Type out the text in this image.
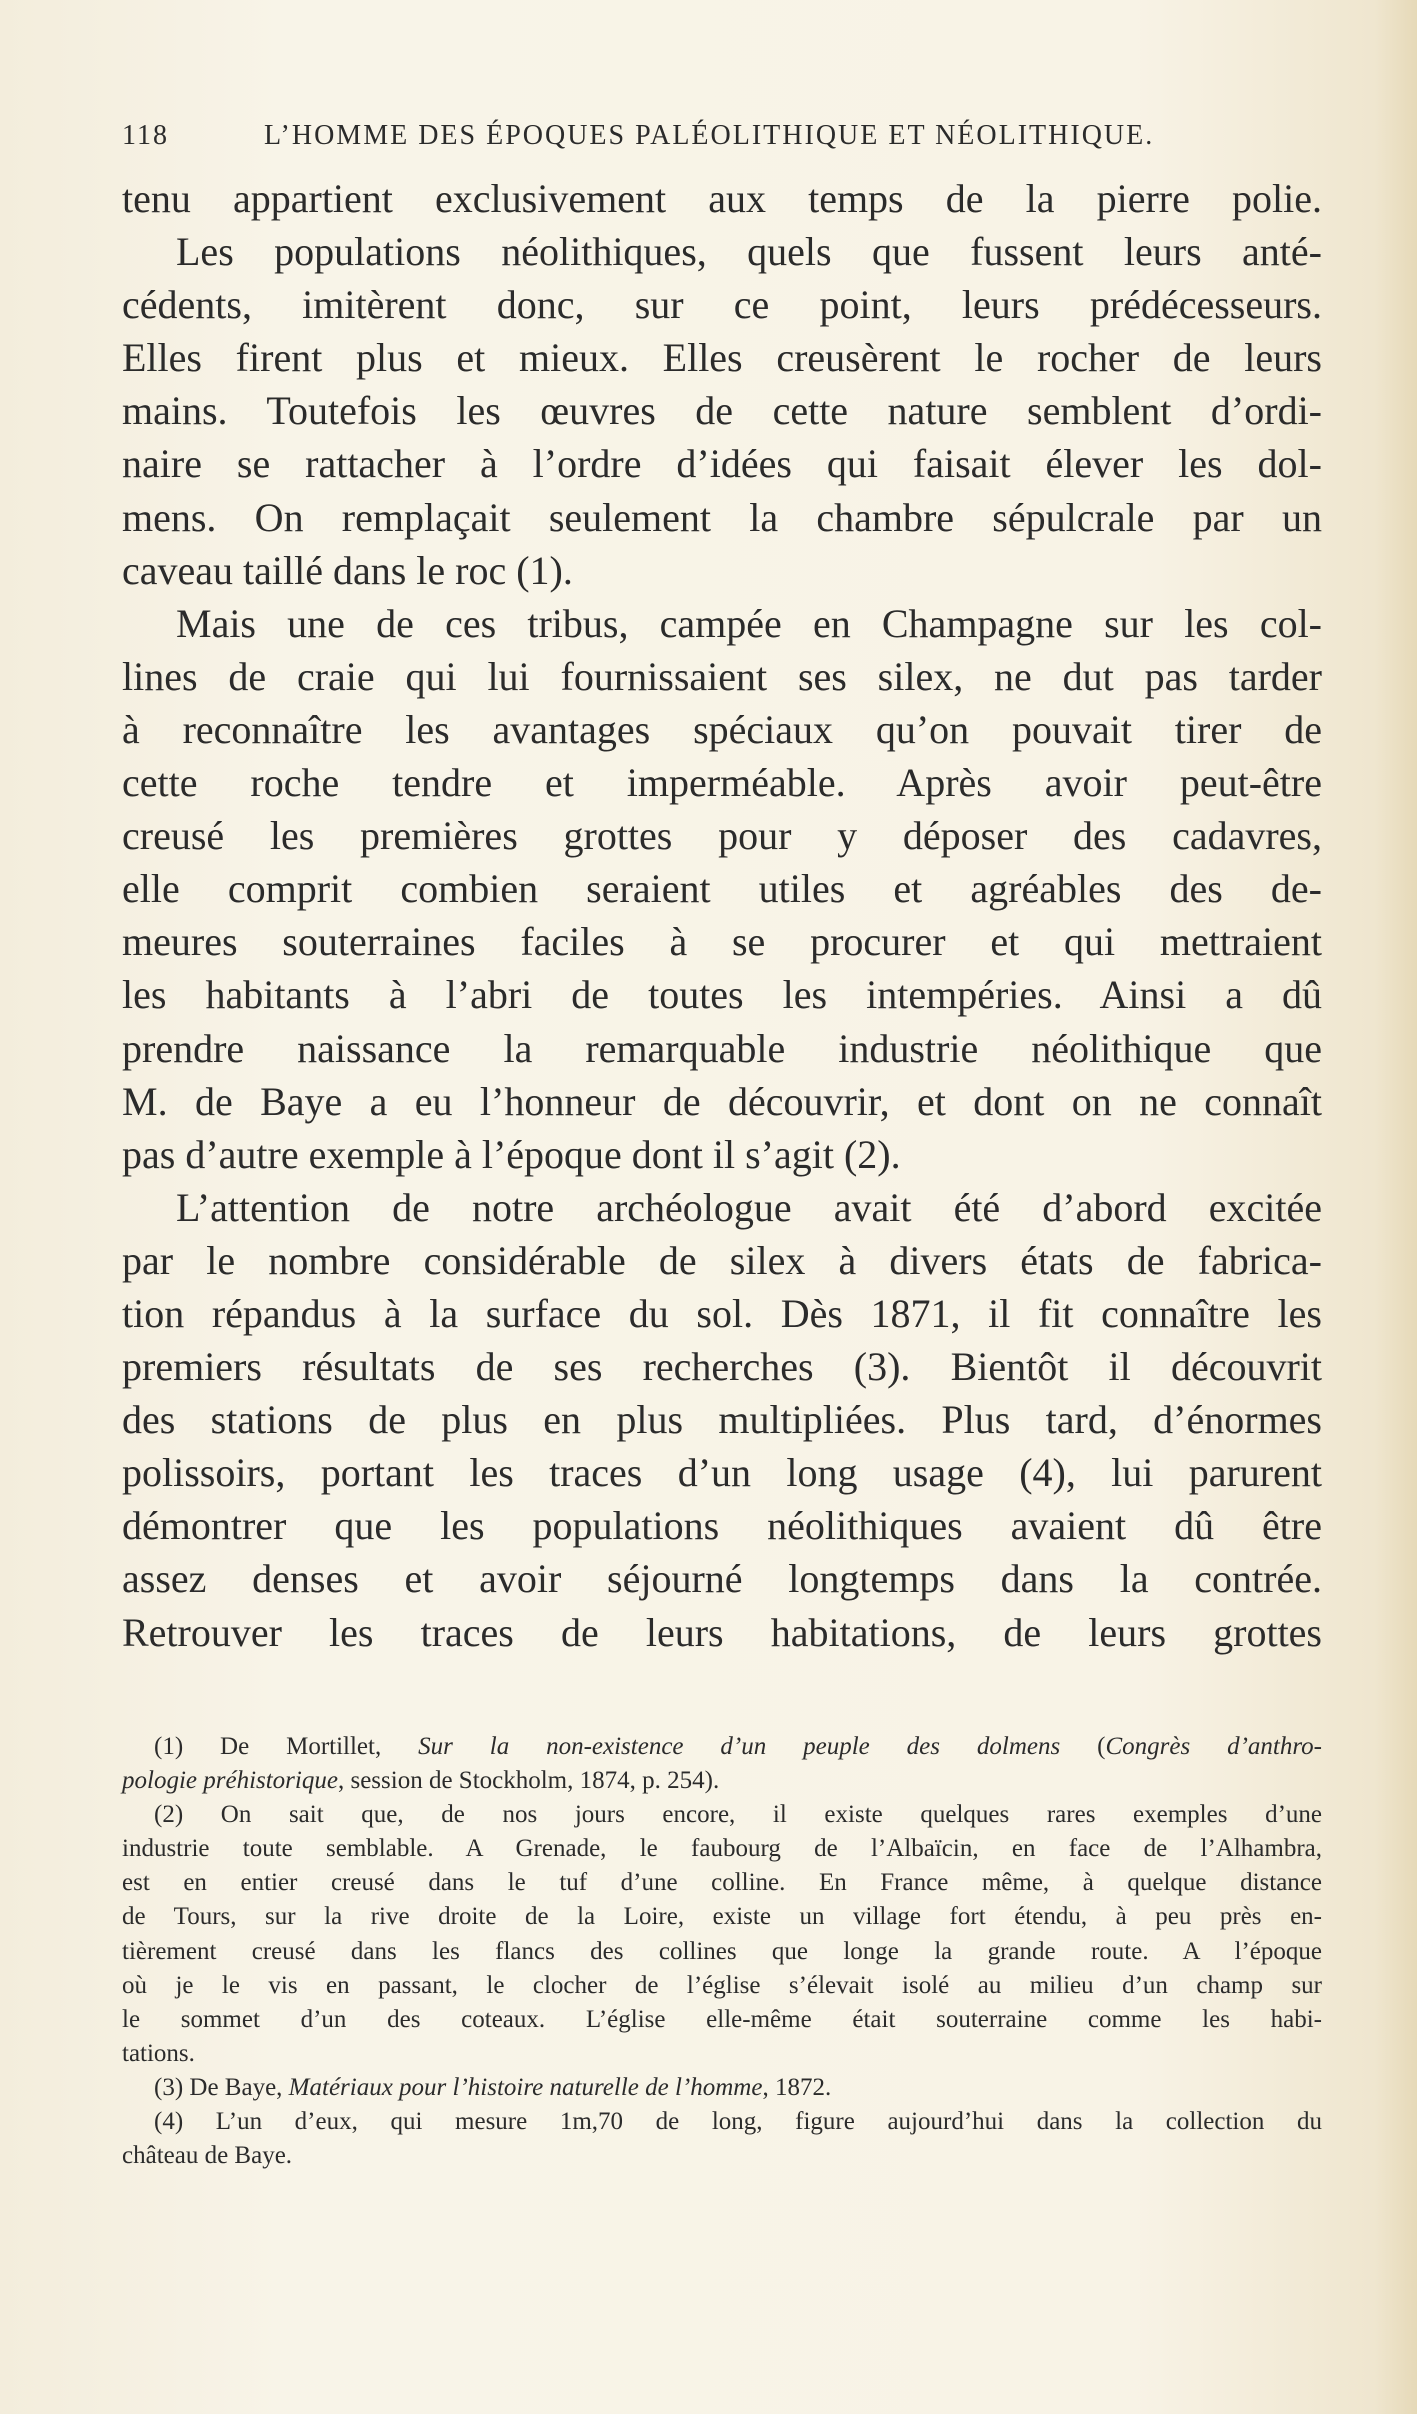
118	L’HOMME DES ÉPOQUES PALÉOLITHIQUE ET NÉOLITHIQUE.
tenu appartient exclusivement aux temps de la pierre polie.
Les populations néolithiques, quels que fussent leurs anté-
cédents, imitèrent donc, sur ce point, leurs prédécesseurs.
Elles firent plus et mieux. Elles creusèrent le rocher de leurs
mains. Toutefois les œuvres de cette nature semblent d’ordi-
naire se rattacher à l’ordre d’idées qui faisait élever les dol-
mens. On remplaçait seulement la chambre sépulcrale par un
caveau taillé dans le roc (1).
Mais une de ces tribus, campée en Champagne sur les col-
lines de craie qui lui fournissaient ses silex, ne dut pas tarder
à reconnaître les avantages spéciaux qu’on pouvait tirer de
cette roche tendre et imperméable. Après avoir peut-être
creusé les premières grottes pour y déposer des cadavres,
elle comprit combien seraient utiles et agréables des de-
meures souterraines faciles à se procurer et qui mettraient
les habitants à l’abri de toutes les intempéries. Ainsi a dû
prendre naissance la remarquable industrie néolithique que
M. de Baye a eu l’honneur de découvrir, et dont on ne connaît
pas d’autre exemple à l’époque dont il s’agit (2).
L’attention de notre archéologue avait été d’abord excitée
par le nombre considérable de silex à divers états de fabrica-
tion répandus à la surface du sol. Dès 1871, il fit connaître les
premiers résultats de ses recherches (3). Bientôt il découvrit
des stations de plus en plus multipliées. Plus tard, d’énormes
polissoirs, portant les traces d’un long usage (4), lui parurent
démontrer que les populations néolithiques avaient dû être
assez denses et avoir séjourné longtemps dans la contrée.
Retrouver les traces de leurs habitations, de leurs grottes
(1) De Mortillet, Sur la non-existence d’un peuple des dolmens (Congrès d’anthro-
pologie préhistorique, session de Stockholm, 1874, p. 254).
(2) On sait que, de nos jours encore, il existe quelques rares exemples d’une
industrie toute semblable. A Grenade, le faubourg de l’Albaïcin, en face de l’Alhambra,
est en entier creusé dans le tuf d’une colline. En France même, à quelque distance
de Tours, sur la rive droite de la Loire, existe un village fort étendu, à peu près en-
tièrement creusé dans les flancs des collines que longe la grande route. A l’époque
où je le vis en passant, le clocher de l’église s’élevait isolé au milieu d’un champ sur
le sommet d’un des coteaux. L’église elle-même était souterraine comme les habi-
tations.
(3) De Baye, Matériaux pour l’histoire naturelle de l’homme, 1872.
(4) L’un d’eux, qui mesure 1m,70 de long, figure aujourd’hui dans la collection du
château de Baye.
